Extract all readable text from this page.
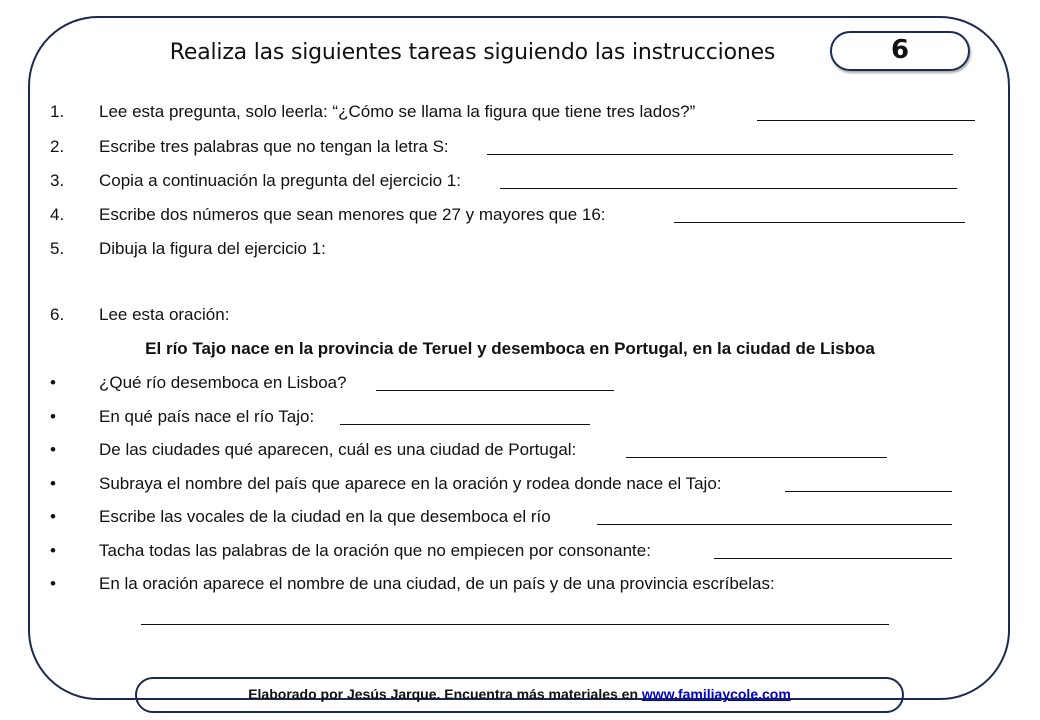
Realiza las siguientes tareas siguiendo las instrucciones	6
1.	Lee esta pregunta, solo leerla: “¿Cómo se llama la figura que tiene tres lados?”
2.	Escribe tres palabras que no tengan la letra S:
3.	Copia a continuación la pregunta del ejercicio 1:
4.	Escribe dos números que sean menores que 27 y mayores que 16:
5.	Dibuja la figura del ejercicio 1:
6.	Lee esta oración:
El río Tajo nace en la provincia de Teruel y desemboca en Portugal, en la ciudad de Lisboa
•	¿Qué río desemboca en Lisboa?
•	En qué país nace el río Tajo:
•	De las ciudades qué aparecen, cuál es una ciudad de Portugal:
•	Subraya el nombre del país que aparece en la oración y rodea donde nace el Tajo:
•	Escribe las vocales de la ciudad en la que desemboca el río
•	Tacha todas las palabras de la oración que no empiecen por consonante:
•	En la oración aparece el nombre de una ciudad, de un país y de una provincia escríbelas:
Elaborado por Jesús Jarque. Encuentra más materiales en www.familiaycole.com
